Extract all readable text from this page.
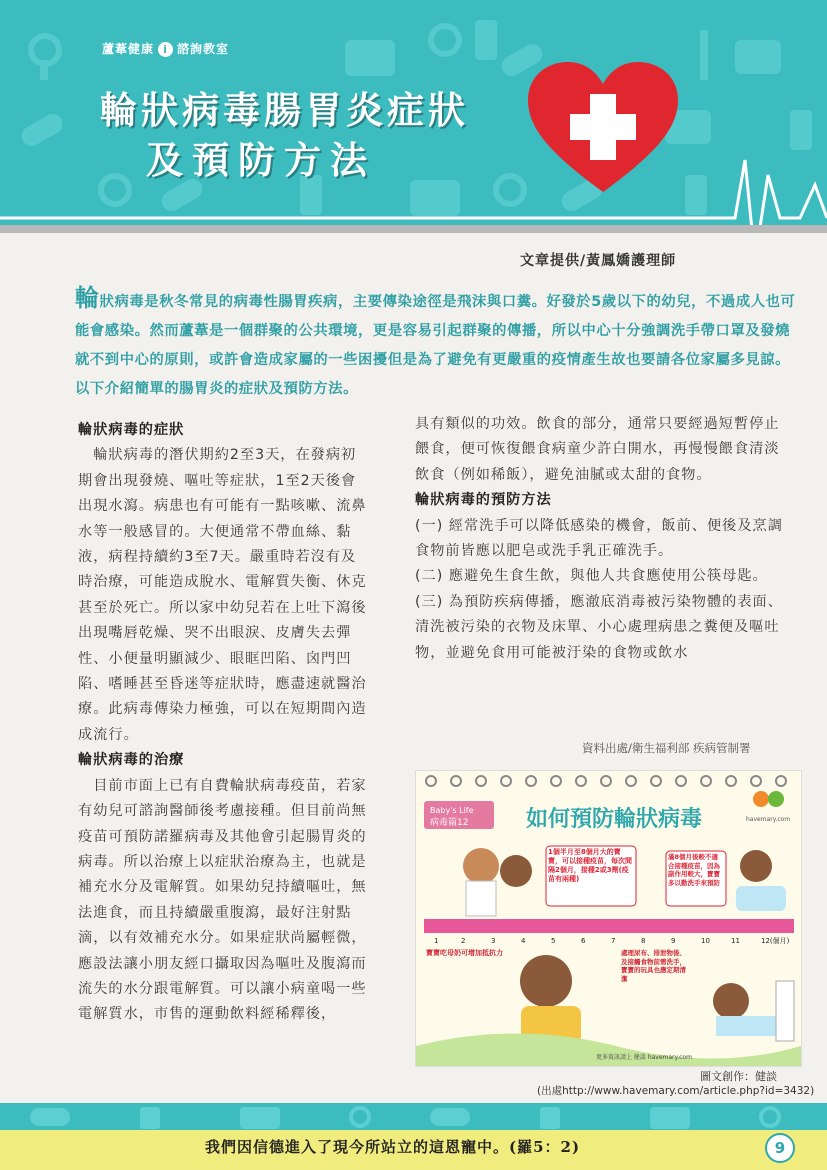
蘆葦健康 i 諮詢教室
輪狀病毒腸胃炎症狀
及預防方法
文章提供/黃鳳嬌護理師
輪狀病毒是秋冬常見的病毒性腸胃疾病，主要傳染途徑是飛沫與口糞。好發於5歲以下的幼兒，不過成人也可能會感染。然而蘆葦是一個群聚的公共環境，更是容易引起群聚的傳播，所以中心十分強調洗手帶口罩及發燒就不到中心的原則，或許會造成家屬的一些困擾但是為了避免有更嚴重的疫情產生故也要請各位家屬多見諒。 以下介紹簡單的腸胃炎的症狀及預防方法。

輪狀病毒的症狀

 輪狀病毒的潛伏期約2至3天，在發病初期會出現發燒、嘔吐等症狀，1至2天後會出現水瀉。病患也有可能有一點咳嗽、流鼻水等一般感冒的。大便通常不帶血絲、黏液，病程持續約3至7天。嚴重時若沒有及時治療，可能造成脫水、電解質失衡、休克甚至於死亡。所以家中幼兒若在上吐下瀉後出現嘴唇乾燥、哭不出眼淚、皮膚失去彈性、小便量明顯減少、眼眶凹陷、囟門凹陷、嗜睡甚至昏迷等症狀時，應盡速就醫治療。此病毒傳染力極強，可以在短期間內造成流行。

輪狀病毒的治療

 目前市面上已有自費輪狀病毒疫苗，若家有幼兒可諮詢醫師後考慮接種。但目前尚無疫苗可預防諾羅病毒及其他會引起腸胃炎的病毒。所以治療上以症狀治療為主，也就是補充水分及電解質。如果幼兒持續嘔吐，無法進食，而且持續嚴重腹瀉，最好注射點滴，以有效補充水分。如果症狀尚屬輕微，應設法讓小朋友經口攝取因為嘔吐及腹瀉而流失的水分跟電解質。可以讓小病童喝一些電解質水，市售的運動飲料經稀釋後，

具有類似的功效。飲食的部分，通常只要經過短暫停止餵食，便可恢復餵食病童少許白開水，再慢慢餵食清淡飲食（例如稀飯），避免油膩或太甜的食物。

輪狀病毒的預防方法

(一) 經常洗手可以降低感染的機會，飯前、便後及烹調食物前皆應以肥皂或洗手乳正確洗手。

(二) 應避免生食生飲，與他人共食應使用公筷母匙。

(三) 為預防疾病傳播，應澈底消毒被污染物體的表面、清洗被污染的衣物及床單、小心處理病患之糞便及嘔吐物，並避免食用可能被汙染的食物或飲水

資料出處/衛生福利部 疾病管制署
Baby's Life
病毒篇12	如何預防輪狀病毒	havemary.com
1個半月至8個月大的寶寶，可以接種疫苗，每次間隔2個月，接種2或3劑(疫苗有兩種)
滿8個月後較不適合接種疫苗，因為副作用較大，寶寶多以勤洗手來預防
1	2	3	4	5	6	7	8	9	10	11	12(個月)
寶寶吃母奶可增加抵抗力	處理尿布、排泄物後、及接觸食物前需洗手，寶寶的玩具也應定期清潔
更多資訊請上 健談 havemary.com
圖文創作：健談
(出處http://www.havemary.com/article.php?id=3432)
我們因信德進入了現今所站立的這恩寵中。(羅5：2)	9
